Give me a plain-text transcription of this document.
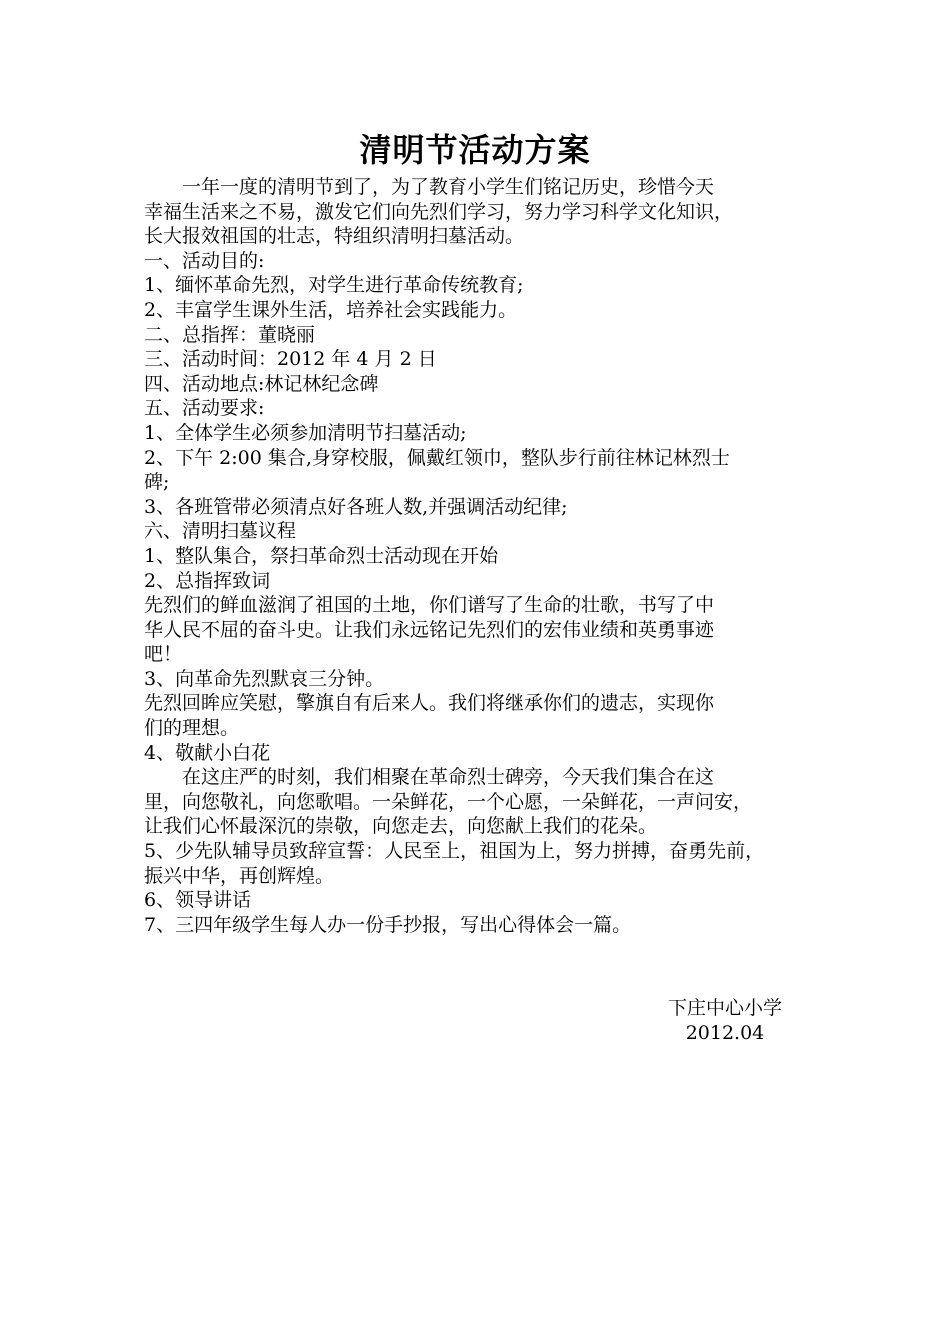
清明节活动方案
一年一度的清明节到了，为了教育小学生们铭记历史，珍惜今天
幸福生活来之不易，激发它们向先烈们学习，努力学习科学文化知识，
长大报效祖国的壮志，特组织清明扫墓活动。
一、活动目的:
1、缅怀革命先烈，对学生进行革命传统教育;
2、丰富学生课外生活，培养社会实践能力。
二、总指挥：董晓丽
三、活动时间：2012 年 4 月 2 日
四、活动地点:林记林纪念碑
五、活动要求:
1、全体学生必须参加清明节扫墓活动;
2、下午 2:00 集合,身穿校服，佩戴红领巾，整队步行前往林记林烈士
碑;
3、各班管带必须清点好各班人数,并强调活动纪律;
六、清明扫墓议程
1、整队集合，祭扫革命烈士活动现在开始
2、总指挥致词
先烈们的鲜血滋润了祖国的土地，你们谱写了生命的壮歌，书写了中
华人民不屈的奋斗史。让我们永远铭记先烈们的宏伟业绩和英勇事迹
吧！
3、向革命先烈默哀三分钟。
先烈回眸应笑慰，擎旗自有后来人。我们将继承你们的遗志，实现你
们的理想。
4、敬献小白花
在这庄严的时刻，我们相聚在革命烈士碑旁，今天我们集合在这
里，向您敬礼，向您歌唱。一朵鲜花，一个心愿，一朵鲜花，一声问安，
让我们心怀最深沉的崇敬，向您走去，向您献上我们的花朵。
5、少先队辅导员致辞宣誓：人民至上，祖国为上，努力拼搏，奋勇先前，
振兴中华，再创辉煌。
6、领导讲话
7、三四年级学生每人办一份手抄报，写出心得体会一篇。
下庄中心小学
2012.04
